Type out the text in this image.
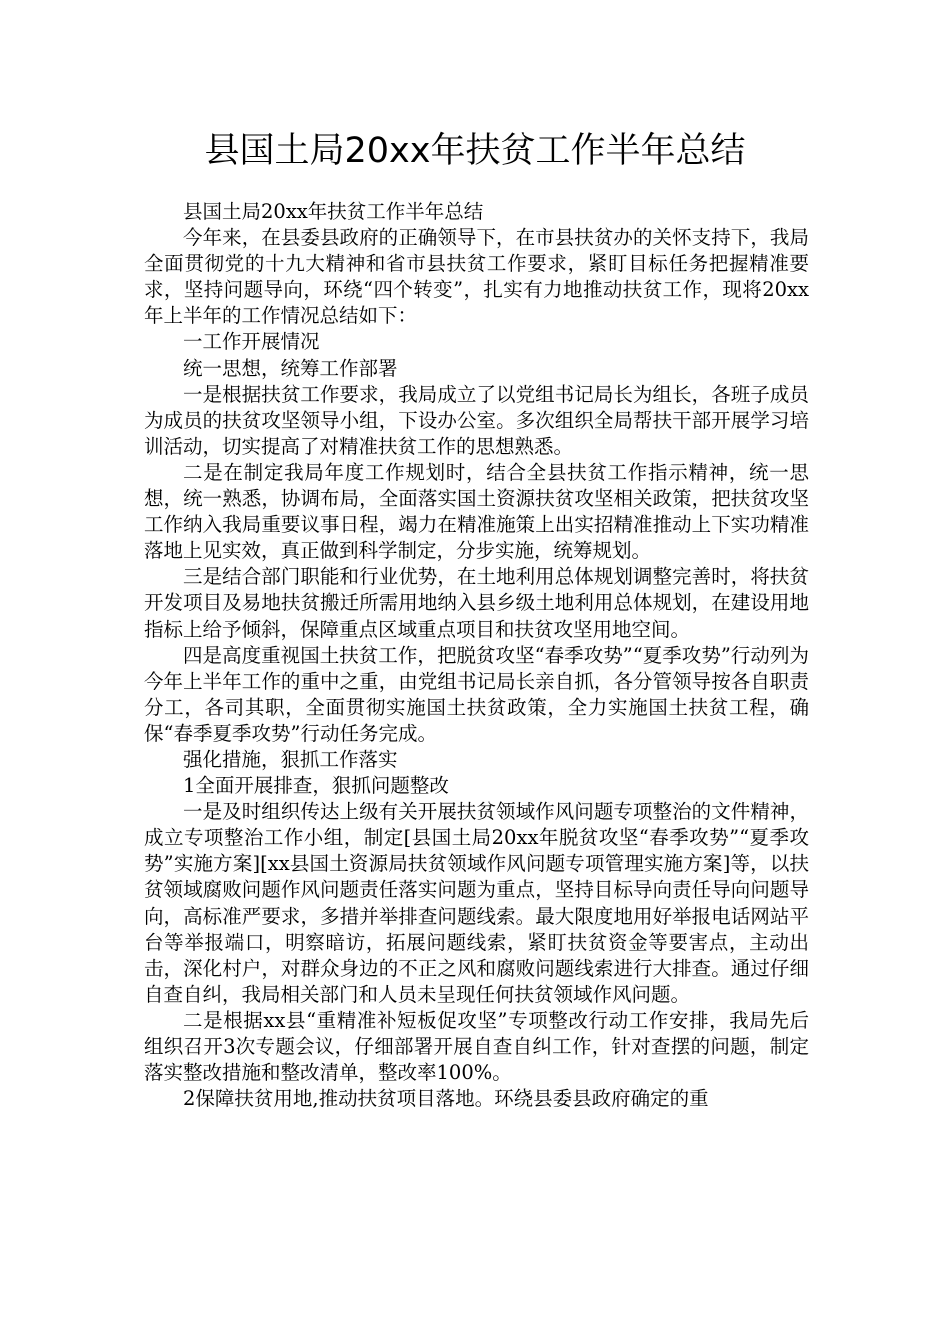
县国土局20xx年扶贫工作半年总结

县国土局20xx年扶贫工作半年总结

今年来，在县委县政府的正确领导下，在市县扶贫办的关怀支持下，我局全面贯彻党的十九大精神和省市县扶贫工作要求，紧盯目标任务把握精准要求，坚持问题导向，环绕“四个转变”，扎实有力地推动扶贫工作，现将20xx年上半年的工作情况总结如下：

一工作开展情况

统一思想，统筹工作部署

一是根据扶贫工作要求，我局成立了以党组书记局长为组长，各班子成员为成员的扶贫攻坚领导小组，下设办公室。多次组织全局帮扶干部开展学习培训活动，切实提高了对精准扶贫工作的思想熟悉。

二是在制定我局年度工作规划时，结合全县扶贫工作指示精神，统一思想，统一熟悉，协调布局，全面落实国土资源扶贫攻坚相关政策，把扶贫攻坚工作纳入我局重要议事日程，竭力在精准施策上出实招精准推动上下实功精准落地上见实效，真正做到科学制定，分步实施，统筹规划。

三是结合部门职能和行业优势，在土地利用总体规划调整完善时，将扶贫开发项目及易地扶贫搬迁所需用地纳入县乡级土地利用总体规划，在建设用地指标上给予倾斜，保障重点区域重点项目和扶贫攻坚用地空间。

四是高度重视国土扶贫工作，把脱贫攻坚“春季攻势”“夏季攻势”行动列为今年上半年工作的重中之重，由党组书记局长亲自抓，各分管领导按各自职责分工，各司其职，全面贯彻实施国土扶贫政策，全力实施国土扶贫工程，确保“春季夏季攻势”行动任务完成。

强化措施，狠抓工作落实

1全面开展排查，狠抓问题整改

一是及时组织传达上级有关开展扶贫领域作风问题专项整治的文件精神，成立专项整治工作小组，制定[县国土局20xx年脱贫攻坚“春季攻势”“夏季攻势”实施方案][xx县国土资源局扶贫领域作风问题专项管理实施方案]等，以扶贫领域腐败问题作风问题责任落实问题为重点，坚持目标导向责任导向问题导向，高标准严要求，多措并举排查问题线索。最大限度地用好举报电话网站平台等举报端口，明察暗访，拓展问题线索，紧盯扶贫资金等要害点，主动出击，深化村户，对群众身边的不正之风和腐败问题线索进行大排查。通过仔细自查自纠，我局相关部门和人员未呈现任何扶贫领域作风问题。

二是根据xx县“重精准补短板促攻坚”专项整改行动工作安排，我局先后组织召开3次专题会议，仔细部署开展自查自纠工作，针对查摆的问题，制定落实整改措施和整改清单，整改率100%。

2保障扶贫用地,推动扶贫项目落地。环绕县委县政府确定的重
